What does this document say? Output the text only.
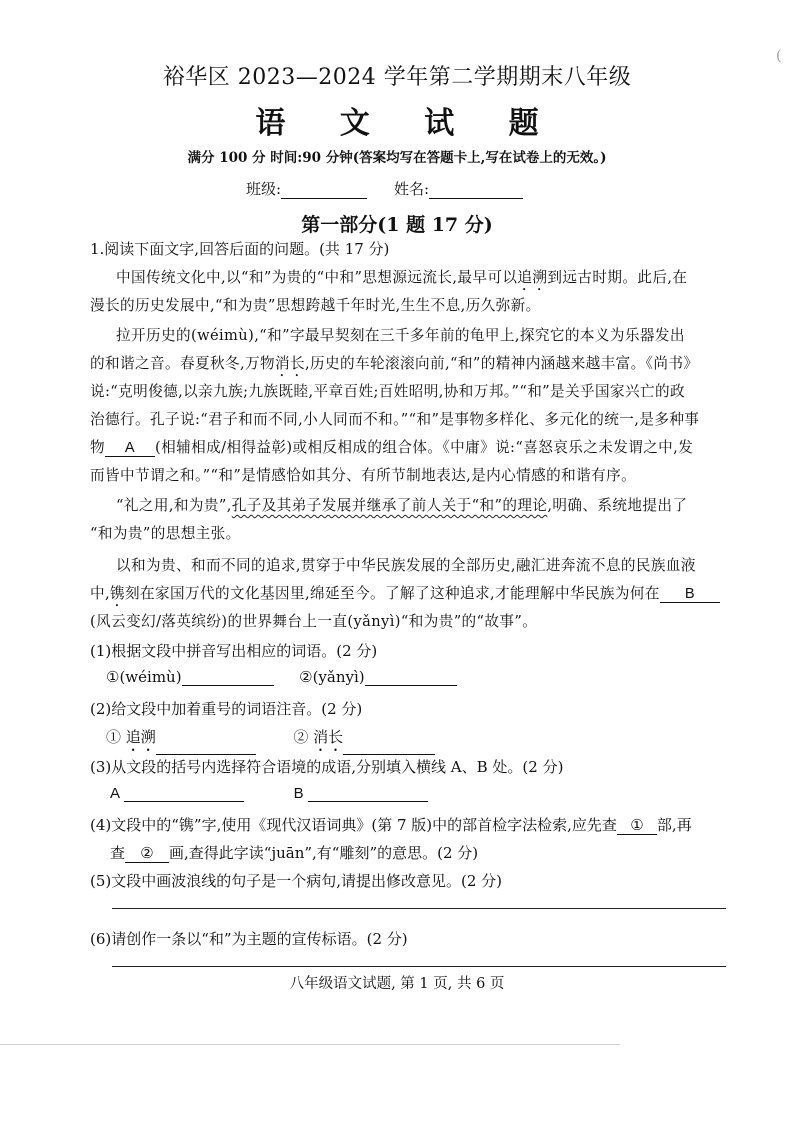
(
裕华区 2023—2024 学年第二学期期末八年级
语 文 试 题
满分 100 分 时间:90 分钟(答案均写在答题卡上,写在试卷上的无效。)
班级:	姓名:
第一部分(1 题 17 分)
1.阅读下面文字,回答后面的问题。(共 17 分)
中国传统文化中,以“和”为贵的“中和”思想源远流长,最早可以追溯到远古时期。此后,在
漫长的历史发展中,“和为贵”思想跨越千年时光,生生不息,历久弥新。
拉开历史的(wéimù),“和”字最早契刻在三千多年前的龟甲上,探究它的本义为乐器发出
的和谐之音。春夏秋冬,万物消长,历史的车轮滚滚向前,“和”的精神内涵越来越丰富。《尚书》
说:“克明俊德,以亲九族;九族既睦,平章百姓;百姓昭明,协和万邦。”“和”是关乎国家兴亡的政
治德行。孔子说:“君子和而不同,小人同而不和。”“和”是事物多样化、多元化的统一,是多种事
物 A (相辅相成/相得益彰)或相反相成的组合体。《中庸》说:“喜怒哀乐之未发谓之中,发
而皆中节谓之和。”“和”是情感恰如其分、有所节制地表达,是内心情感的和谐有序。
“礼之用,和为贵”,孔子及其弟子发展并继承了前人关于“和”的理论,明确、系统地提出了
“和为贵”的思想主张。
以和为贵、和而不同的追求,贯穿于中华民族发展的全部历史,融汇进奔流不息的民族血液
中,镌刻在家国万代的文化基因里,绵延至今。了解了这种追求,才能理解中华民族为何在 B
(风云变幻/落英缤纷)的世界舞台上一直(yǎnyì)“和为贵”的“故事”。
(1)根据文段中拼音写出相应的词语。(2 分)
①(wéimù)	②(yǎnyì)
(2)给文段中加着重号的词语注音。(2 分)
① 追溯	② 消长
(3)从文段的括号内选择符合语境的成语,分别填入横线 A、B 处。(2 分)
A	B
(4)文段中的“镌”字,使用《现代汉语词典》(第 7 版)中的部首检字法检索,应先查 ① 部,再
查 ② 画,查得此字读“juān”,有“雕刻”的意思。(2 分)
(5)文段中画波浪线的句子是一个病句,请提出修改意见。(2 分)
(6)请创作一条以“和”为主题的宣传标语。(2 分)
八年级语文试题, 第 1 页, 共 6 页
